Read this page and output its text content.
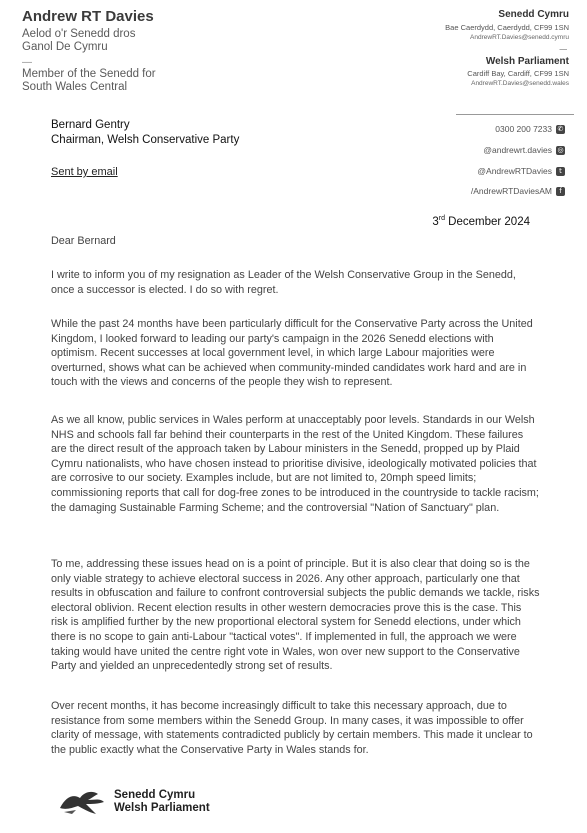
Andrew RT Davies
Aelod o'r Senedd dros
Ganol De Cymru
—
Member of the Senedd for
South Wales Central
Senedd Cymru
Bae Caerdydd, Caerdydd, CF99 1SN
AndrewRT.Davies@senedd.cymru
—
Welsh Parliament
Cardiff Bay, Cardiff, CF99 1SN
AndrewRT.Davies@senedd.wales
Bernard Gentry
Chairman, Welsh Conservative Party
Sent by email
0300 200 7233 ✆
@andrewrt.davies ◎
@AndrewRTDavies	t
/AndrewRTDaviesAM	f
3rd December 2024
Dear Bernard

I write to inform you of my resignation as Leader of the Welsh Conservative Group in the Senedd, once a successor is elected. I do so with regret.

While the past 24 months have been particularly difficult for the Conservative Party across the United Kingdom, I looked forward to leading our party's campaign in the 2026 Senedd elections with optimism. Recent successes at local government level, in which large Labour majorities were overturned, shows what can be achieved when community-minded candidates work hard and are in touch with the views and concerns of the people they wish to represent.

As we all know, public services in Wales perform at unacceptably poor levels. Standards in our Welsh NHS and schools fall far behind their counterparts in the rest of the United Kingdom. These failures are the direct result of the approach taken by Labour ministers in the Senedd, propped up by Plaid Cymru nationalists, who have chosen instead to prioritise divisive, ideologically motivated policies that are corrosive to our society. Examples include, but are not limited to, 20mph speed limits; commissioning reports that call for dog-free zones to be introduced in the countryside to tackle racism; the damaging Sustainable Farming Scheme; and the controversial "Nation of Sanctuary" plan.

To me, addressing these issues head on is a point of principle. But it is also clear that doing so is the only viable strategy to achieve electoral success in 2026. Any other approach, particularly one that results in obfuscation and failure to confront controversial subjects the public demands we tackle, risks electoral oblivion. Recent election results in other western democracies prove this is the case. This risk is amplified further by the new proportional electoral system for Senedd elections, under which there is no scope to gain anti-Labour "tactical votes". If implemented in full, the approach we were taking would have united the centre right vote in Wales, won over new support to the Conservative Party and yielded an unprecedentedly strong set of results.

Over recent months, it has become increasingly difficult to take this necessary approach, due to resistance from some members within the Senedd Group. In many cases, it was impossible to offer clarity of message, with statements contradicted publicly by certain members. This made it unclear to the public exactly what the Conservative Party in Wales stands for.

Senedd Cymru
Welsh Parliament
